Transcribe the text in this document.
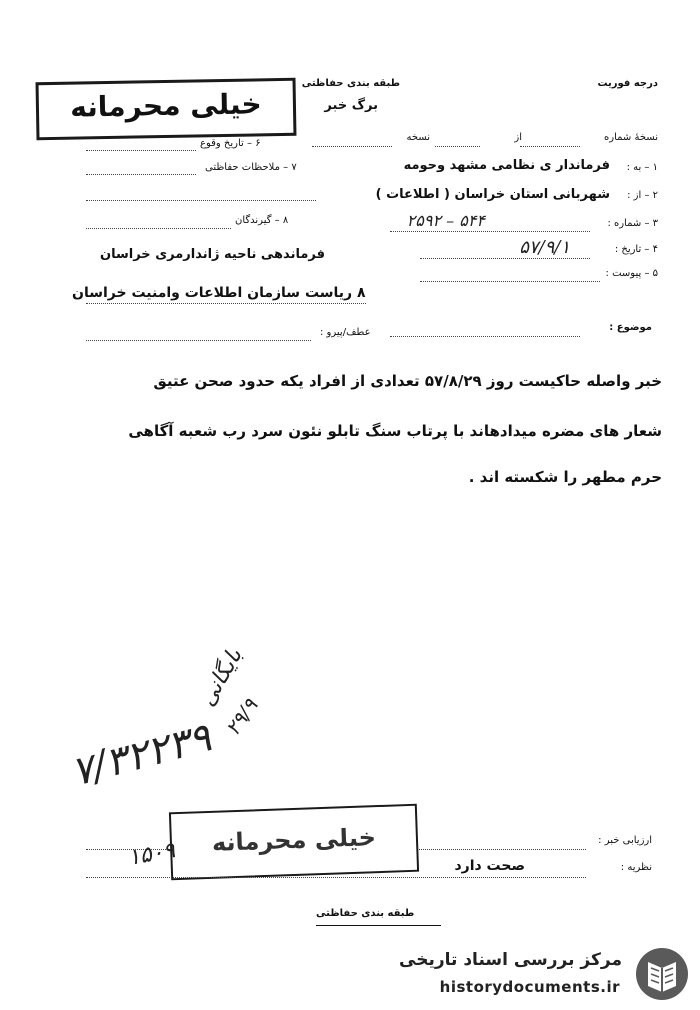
درجه فوریت
طبقه بندی حفاظتی
برگ خبر
خیلی محرمانه
نسخهٔ شماره
از
نسخه
۶ – تاریخ وقوع
۷ – ملاحظات حفاظتی
۸ – گیرندگان
۱ – به :
فرماندار ی نظامی مشهد وحومه
۲ – از :
شهربانی استان خراسان ( اطلاعات )
۳ – شماره :
۲۵۹۲ – ۵۴۴
۴ – تاریخ :
۵۷/۹/۱
فرماندهی ناحیه ژاندارمری خراسان
۵ – پیوست :
۸ ریاست سازمان اطلاعات وامنیت خراسان
موضوع :
عطف/پیرو :
خبر واصله حاکیست روز ۵۷/۸/۲۹ تعدادی از افراد یکه حدود صحن عتیق
شعار های مضره میدادهاند با پرتاب سنگ تابلو نئون سرد رب شعبه آگاهی
حرم مطهر را شکسته اند .
بایگانی
۲۹/۹
۷/۳۲۲۳۹
ارزیابی خبر :
خیلی محرمانه
۱۵۰۹	نظریه :
صحت دارد
طبقه بندی حفاظتی
مرکز بررسی اسناد تاریخی
historydocuments.ir
